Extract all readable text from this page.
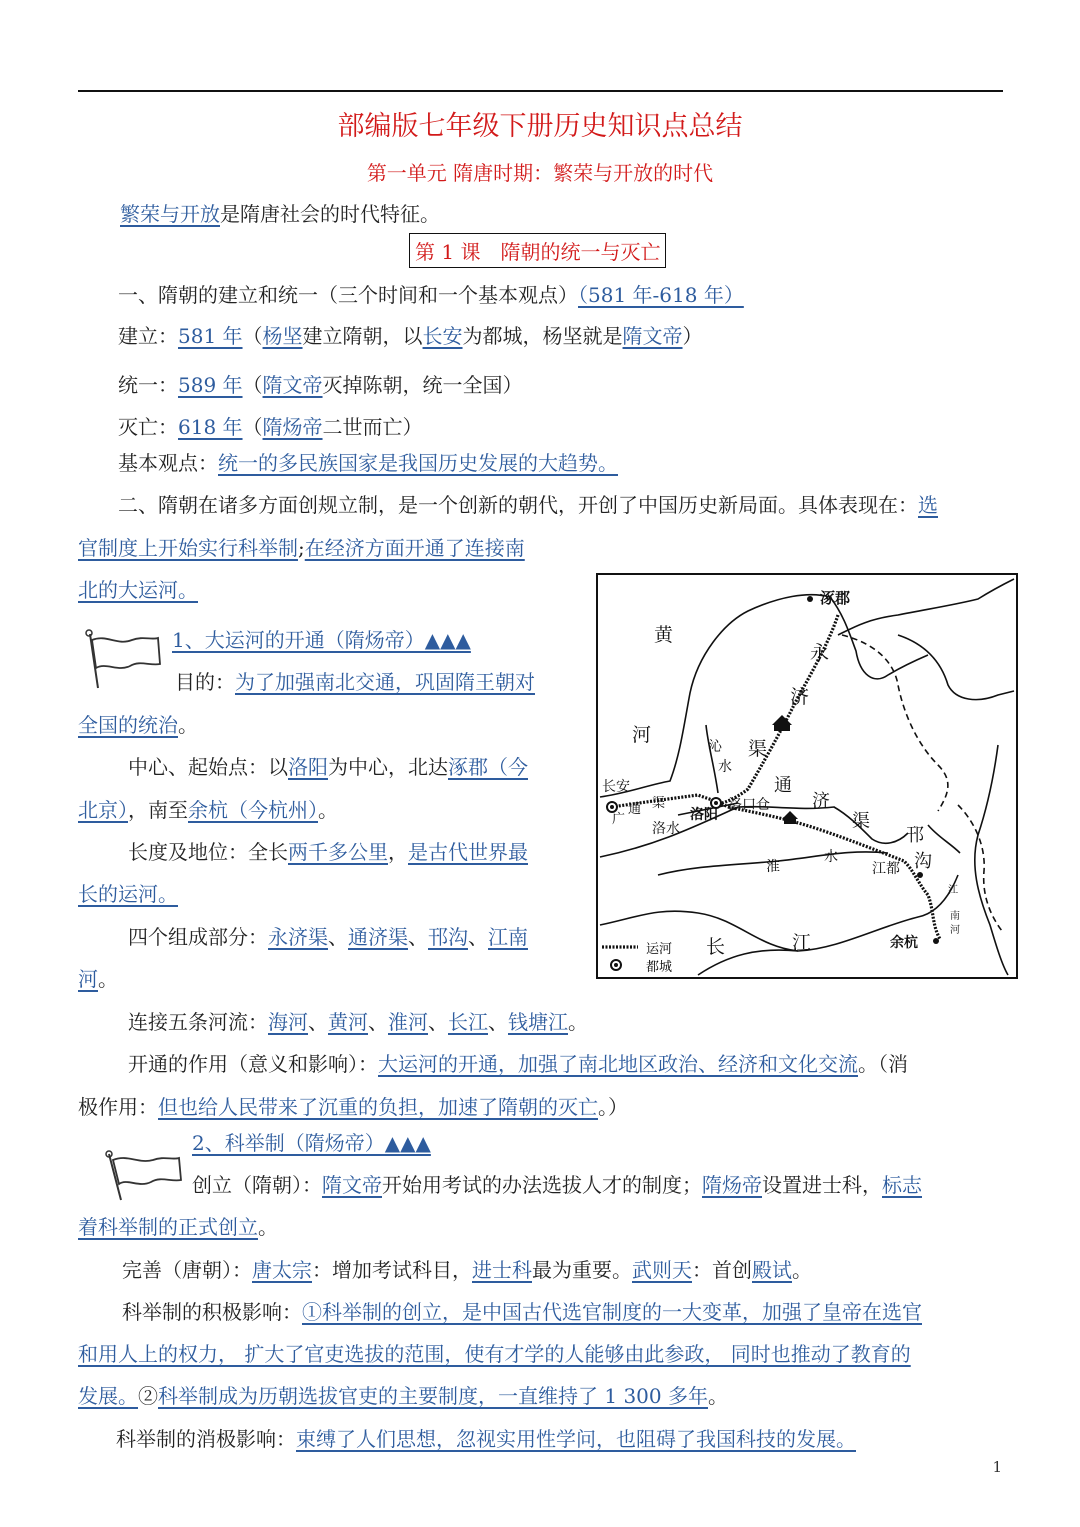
部编版七年级下册历史知识点总结
第一单元 隋唐时期：繁荣与开放的时代
繁荣与开放是隋唐社会的时代特征。
第 1 课　隋朝的统一与灭亡
一、隋朝的建立和统一（三个时间和一个基本观点）（581 年-618 年）
建立：581 年（杨坚建立隋朝，以长安为都城，杨坚就是隋文帝）
统一：589 年（隋文帝灭掉陈朝，统一全国）
灭亡：618 年（隋炀帝二世而亡）
基本观点：统一的多民族国家是我国历史发展的大趋势。
二、隋朝在诸多方面创规立制，是一个创新的朝代，开创了中国历史新局面。具体表现在：选
官制度上开始实行科举制;在经济方面开通了连接南
北的大运河。
1、大运河的开通（隋炀帝）▲▲▲
目的：为了加强南北交通，巩固隋王朝对
全国的统治。
中心、起始点：以洛阳为中心，北达涿郡（今
北京），南至余杭（今杭州）。
长度及地位：全长两千多公里，是古代世界最
长的运河。
四个组成部分：永济渠、通济渠、邗沟、江南
河。
连接五条河流：海河、黄河、淮河、长江、钱塘江。
开通的作用（意义和影响）：大运河的开通，加强了南北地区政治、经济和文化交流。（消
极作用：但也给人民带来了沉重的负担，加速了隋朝的灭亡。）
运河
都城
涿郡
黄
河
永
济
渠
沁
水
长安
广
通 渠
洛阳
洛口仓
洛水
通
济
渠
淮
水
邗
沟
江都
江
南
河
长	江	余杭
2、科举制（隋炀帝）▲▲▲
创立（隋朝）：隋文帝开始用考试的办法选拔人才的制度；隋炀帝设置进士科，标志
着科举制的正式创立。
完善（唐朝）：唐太宗：增加考试科目，进士科最为重要。武则天：首创殿试。
科举制的积极影响：①科举制的创立，是中国古代选官制度的一大变革，加强了皇帝在选官
和用人上的权力， 扩大了官吏选拔的范围，使有才学的人能够由此参政， 同时也推动了教育的
发展。②科举制成为历朝选拔官吏的主要制度，一直维持了 1 300 多年。
科举制的消极影响：束缚了人们思想，忽视实用性学问，也阻碍了我国科技的发展。
1
